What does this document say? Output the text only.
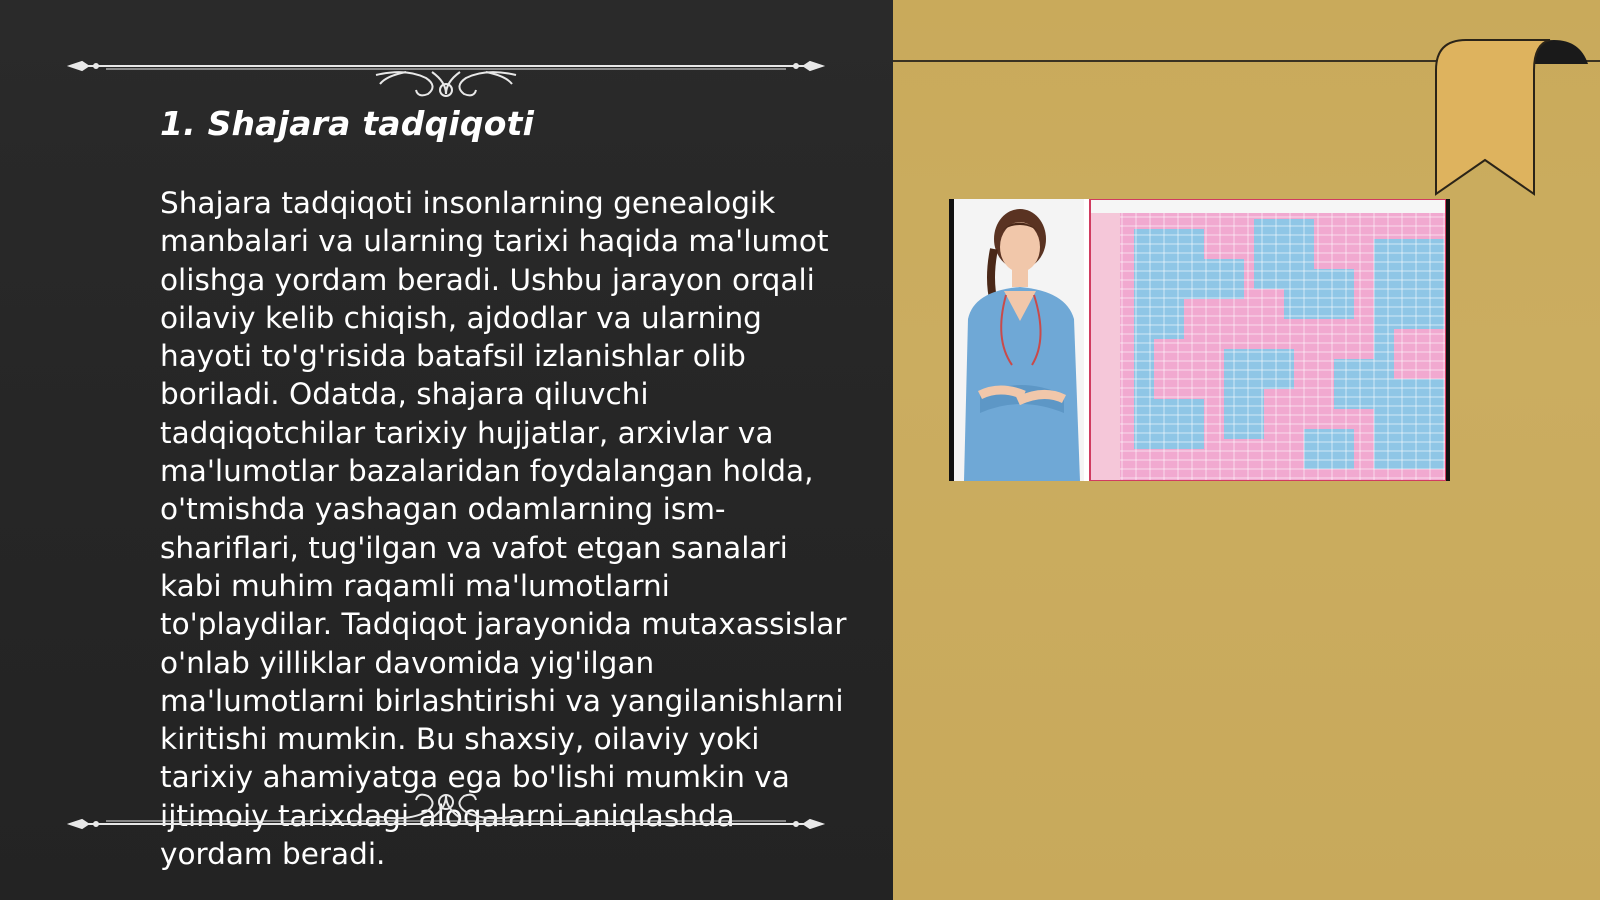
1. Shajara tadqiqoti

Shajara tadqiqoti insonlarning genealogik manbalari va ularning tarixi haqida ma'lumot olishga yordam beradi. Ushbu jarayon orqali oilaviy kelib chiqish, ajdodlar va ularning hayoti to'g'risida batafsil izlanishlar olib boriladi. Odatda, shajara qiluvchi tadqiqotchilar tarixiy hujjatlar, arxivlar va ma'lumotlar bazalaridan foydalangan holda, o'tmishda yashagan odamlarning ism-shariflari, tug'ilgan va vafot etgan sanalari kabi muhim raqamli ma'lumotlarni to'playdilar. Tadqiqot jarayonida mutaxassislar o'nlab yilliklar davomida yig'ilgan ma'lumotlarni birlashtirishi va yangilanishlarni kiritishi mumkin. Bu shaxsiy, oilaviy yoki tarixiy ahamiyatga ega bo'lishi mumkin va ijtimoiy tarixdagi aloqalarni aniqlashda yordam beradi.
